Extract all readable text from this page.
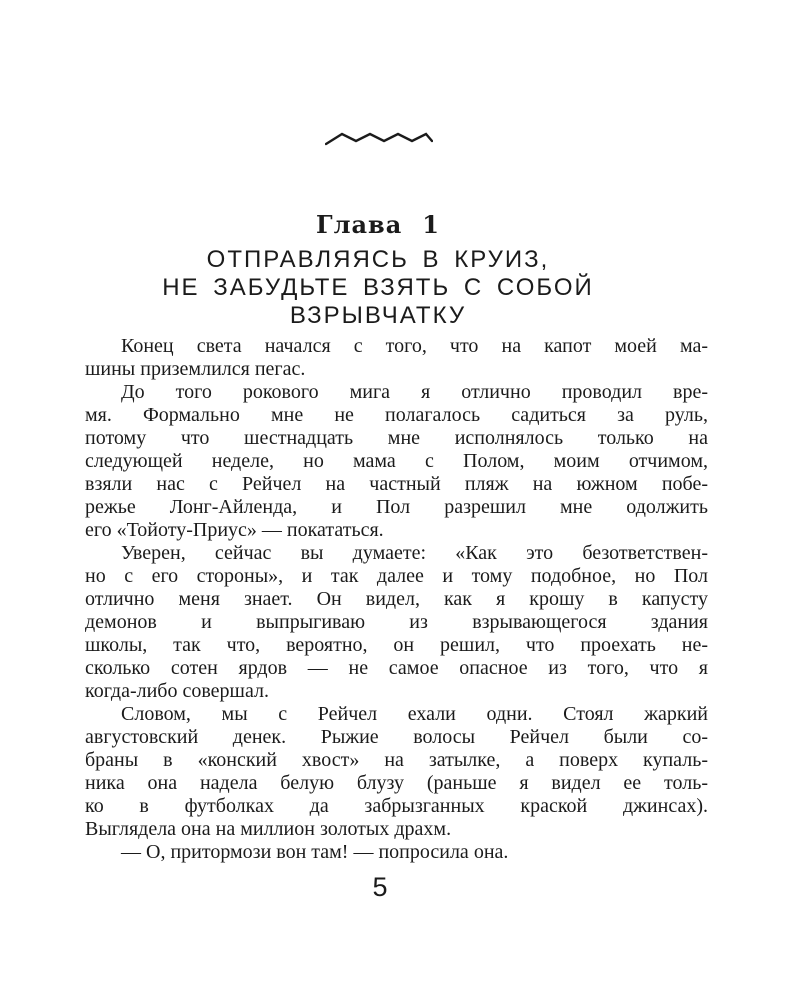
Глава 1
ОТПРАВЛЯЯСЬ В КРУИЗ,
НЕ ЗАБУДЬТЕ ВЗЯТЬ С СОБОЙ
ВЗРЫВЧАТКУ
Конец света начался с того, что на капот моей ма-
шины приземлился пегас.
До того рокового мига я отлично проводил вре-
мя. Формально мне не полагалось садиться за руль,
потому что шестнадцать мне исполнялось только на
следующей неделе, но мама с Полом, моим отчимом,
взяли нас с Рейчел на частный пляж на южном побе-
режье Лонг-Айленда, и Пол разрешил мне одолжить
его «Тойоту-Приус» — покататься.
Уверен, сейчас вы думаете: «Как это безответствен-
но с его стороны», и так далее и тому подобное, но Пол
отлично меня знает. Он видел, как я крошу в капусту
демонов и выпрыгиваю из взрывающегося здания
школы, так что, вероятно, он решил, что проехать не-
сколько сотен ярдов — не самое опасное из того, что я
когда-либо совершал.
Словом, мы с Рейчел ехали одни. Стоял жаркий
августовский денек. Рыжие волосы Рейчел были со-
браны в «конский хвост» на затылке, а поверх купаль-
ника она надела белую блузу (раньше я видел ее толь-
ко в футболках да забрызганных краской джинсах).
Выглядела она на миллион золотых драхм.
— О, притормози вон там! — попросила она.
5
